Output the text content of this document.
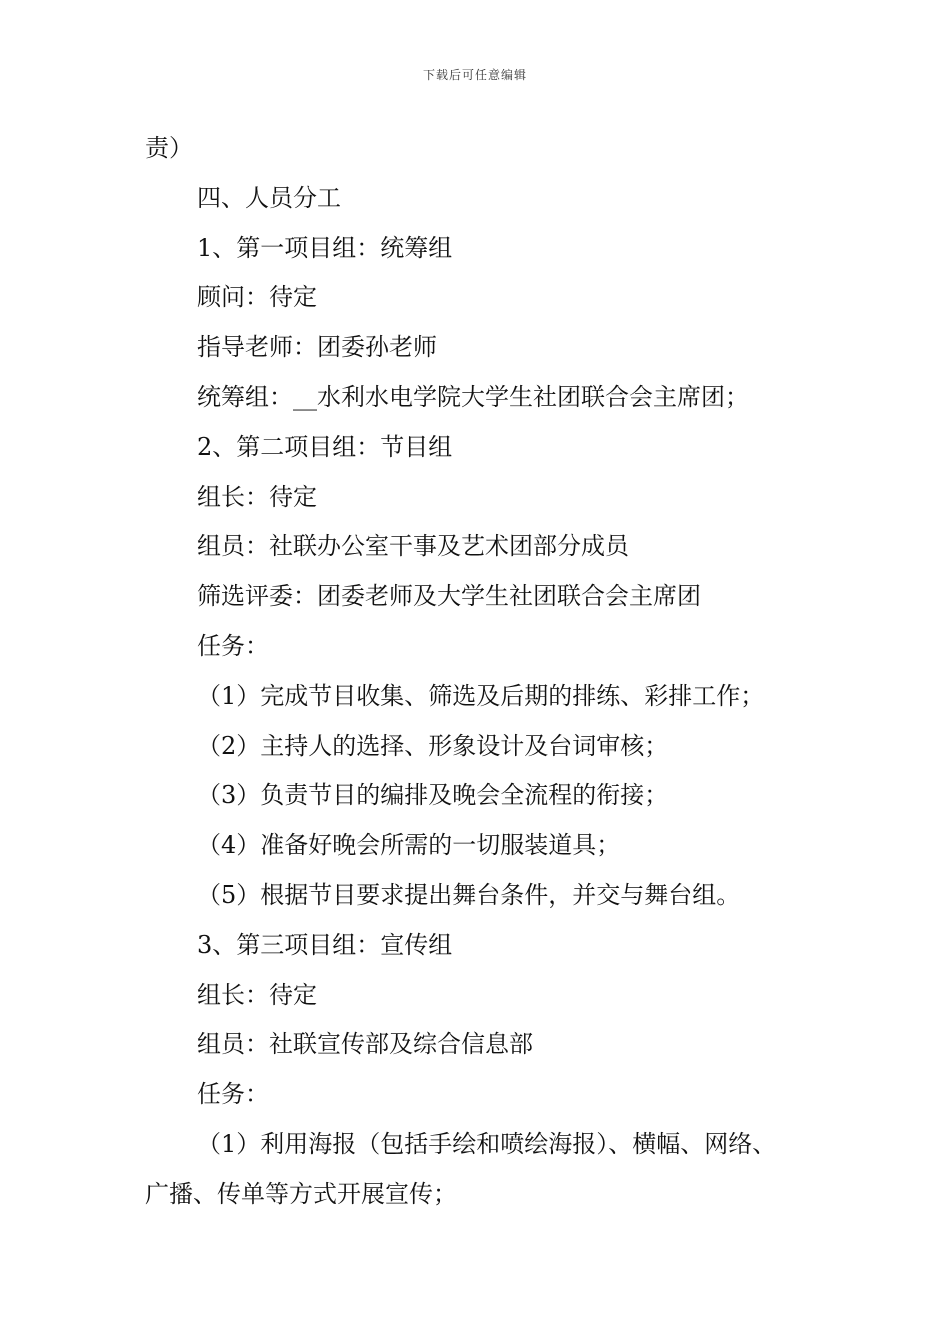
下载后可任意编辑
责）
四、人员分工
1、第一项目组：统筹组
顾问：待定
指导老师：团委孙老师
统筹组：__水利水电学院大学生社团联合会主席团；
2、第二项目组：节目组
组长：待定
组员：社联办公室干事及艺术团部分成员
筛选评委：团委老师及大学生社团联合会主席团
任务：
（1）完成节目收集、筛选及后期的排练、彩排工作；
（2）主持人的选择、形象设计及台词审核；
（3）负责节目的编排及晚会全流程的衔接；
（4）准备好晚会所需的一切服装道具；
（5）根据节目要求提出舞台条件，并交与舞台组。
3、第三项目组：宣传组
组长：待定
组员：社联宣传部及综合信息部
任务：
（1）利用海报（包括手绘和喷绘海报）、横幅、网络、
广播、传单等方式开展宣传；
